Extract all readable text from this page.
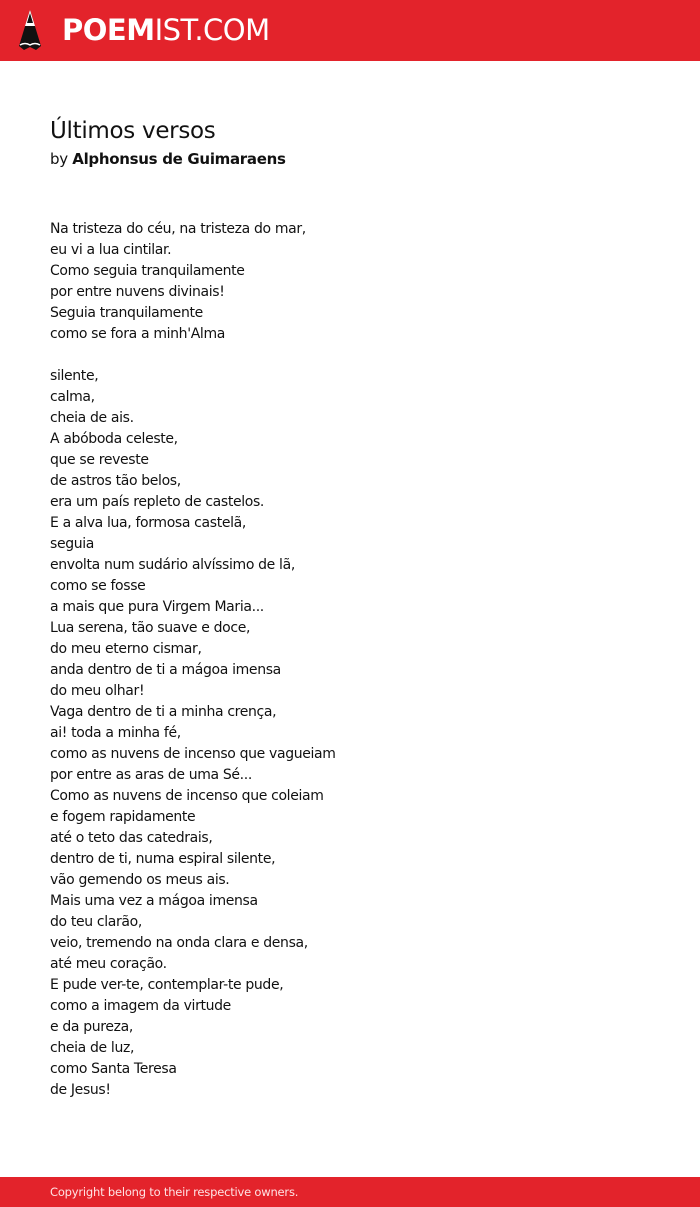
POEMIST.COM
Últimos versos
by Alphonsus de Guimaraens
Na tristeza do céu, na tristeza do mar,
eu vi a lua cintilar.
Como seguia tranquilamente
por entre nuvens divinais!
Seguia tranquilamente
como se fora a minh'Alma
silente,
calma,
cheia de ais.
A abóboda celeste,
que se reveste
de astros tão belos,
era um país repleto de castelos.
E a alva lua, formosa castelã,
seguia
envolta num sudário alvíssimo de lã,
como se fosse
a mais que pura Virgem Maria...
Lua serena, tão suave e doce,
do meu eterno cismar,
anda dentro de ti a mágoa imensa
do meu olhar!
Vaga dentro de ti a minha crença,
ai! toda a minha fé,
como as nuvens de incenso que vagueiam
por entre as aras de uma Sé...
Como as nuvens de incenso que coleiam
e fogem rapidamente
até o teto das catedrais,
dentro de ti, numa espiral silente,
vão gemendo os meus ais.
Mais uma vez a mágoa imensa
do teu clarão,
veio, tremendo na onda clara e densa,
até meu coração.
E pude ver-te, contemplar-te pude,
como a imagem da virtude
e da pureza,
cheia de luz,
como Santa Teresa
de Jesus!
Copyright belong to their respective owners.
